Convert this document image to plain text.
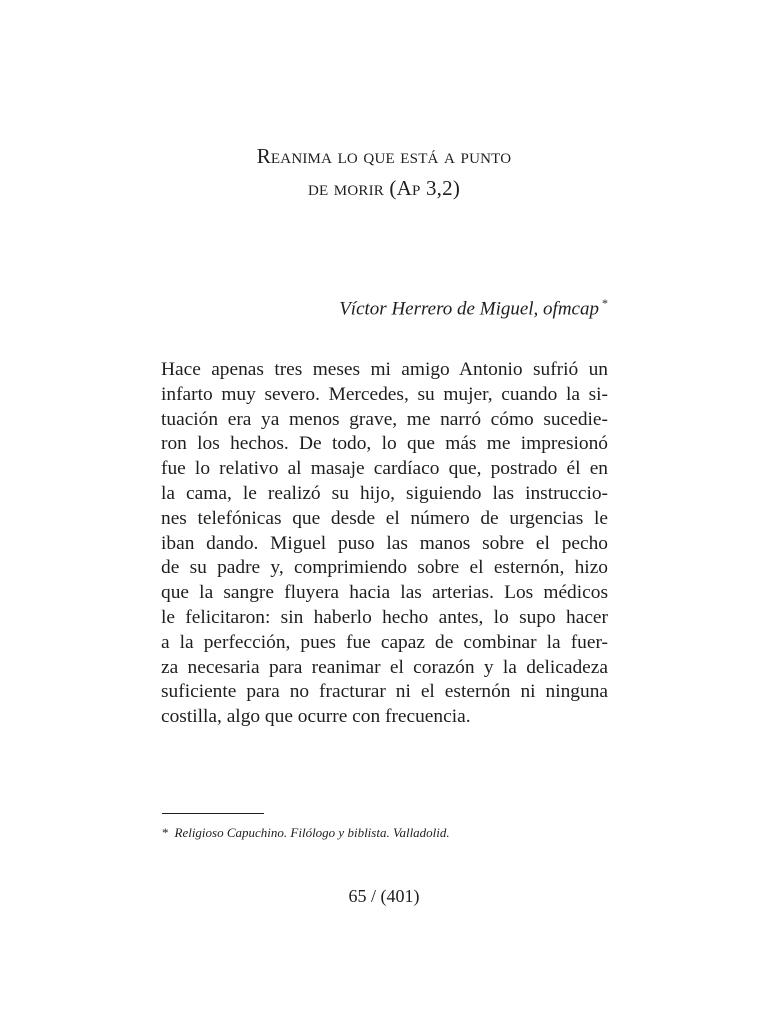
Reanima lo que está a punto
de morir (Ap 3,2)
Víctor Herrero de Miguel, ofmcap *
Hace apenas tres meses mi amigo Antonio sufrió un
infarto muy severo. Mercedes, su mujer, cuando la si-
tuación era ya menos grave, me narró cómo sucedie-
ron los hechos. De todo, lo que más me impresionó
fue lo relativo al masaje cardíaco que, postrado él en
la cama, le realizó su hijo, siguiendo las instruccio-
nes telefónicas que desde el número de urgencias le
iban dando. Miguel puso las manos sobre el pecho
de su padre y, comprimiendo sobre el esternón, hizo
que la sangre fluyera hacia las arterias. Los médicos
le felicitaron: sin haberlo hecho antes, lo supo hacer
a la perfección, pues fue capaz de combinar la fuer-
za necesaria para reanimar el corazón y la delicadeza
suficiente para no fracturar ni el esternón ni ninguna
costilla, algo que ocurre con frecuencia.
* Religioso Capuchino. Filólogo y biblista. Valladolid.
65 / (401)
